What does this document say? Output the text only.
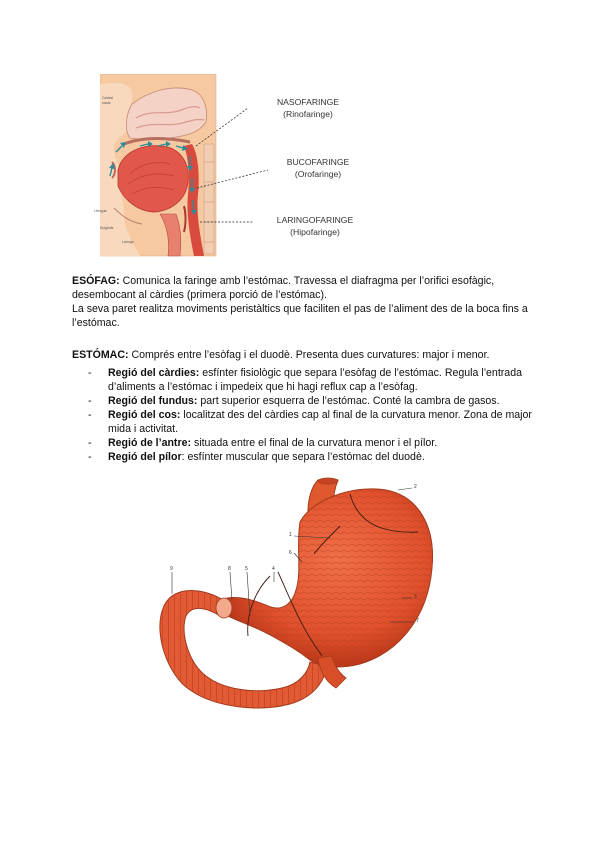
Cavitat
nasal
Llengua
Epiglotis
Laringe
NASOFARINGE
(Rinofaringe)
BUCOFARINGE
(Orofaringe)
LARINGOFARINGE
(Hipofaringe)

ESÓFAG: Comunica la faringe amb l’estómac. Travessa el diafragma per l’orifici esofàgic, desembocant al càrdies (primera porció de l’estómac).

La seva paret realitza moviments peristàltics que faciliten el pas de l’aliment des de la boca fins a l’estómac.

ESTÓMAC: Comprés entre l’esòfag i el duodè. Presenta dues curvatures: major i menor.

- Regió del càrdies: esfínter fisiològic que separa l’esòfag de l’estómac. Regula l’entrada d’aliments a l’estómac i impedeix que hi hagi reflux cap a l’esòfag.
- Regió del fundus: part superior esquerra de l’estómac. Conté la cambra de gasos.
- Regió del cos: localitzat des del càrdies cap al final de la curvatura menor. Zona de major mida i activitat.
- Regió de l’antre: situada entre el final de la curvatura menor i el pílor.
- Regió del pílor: esfínter muscular que separa l’estómac del duodè.
2
1
6
9	8	5	4
3
7
